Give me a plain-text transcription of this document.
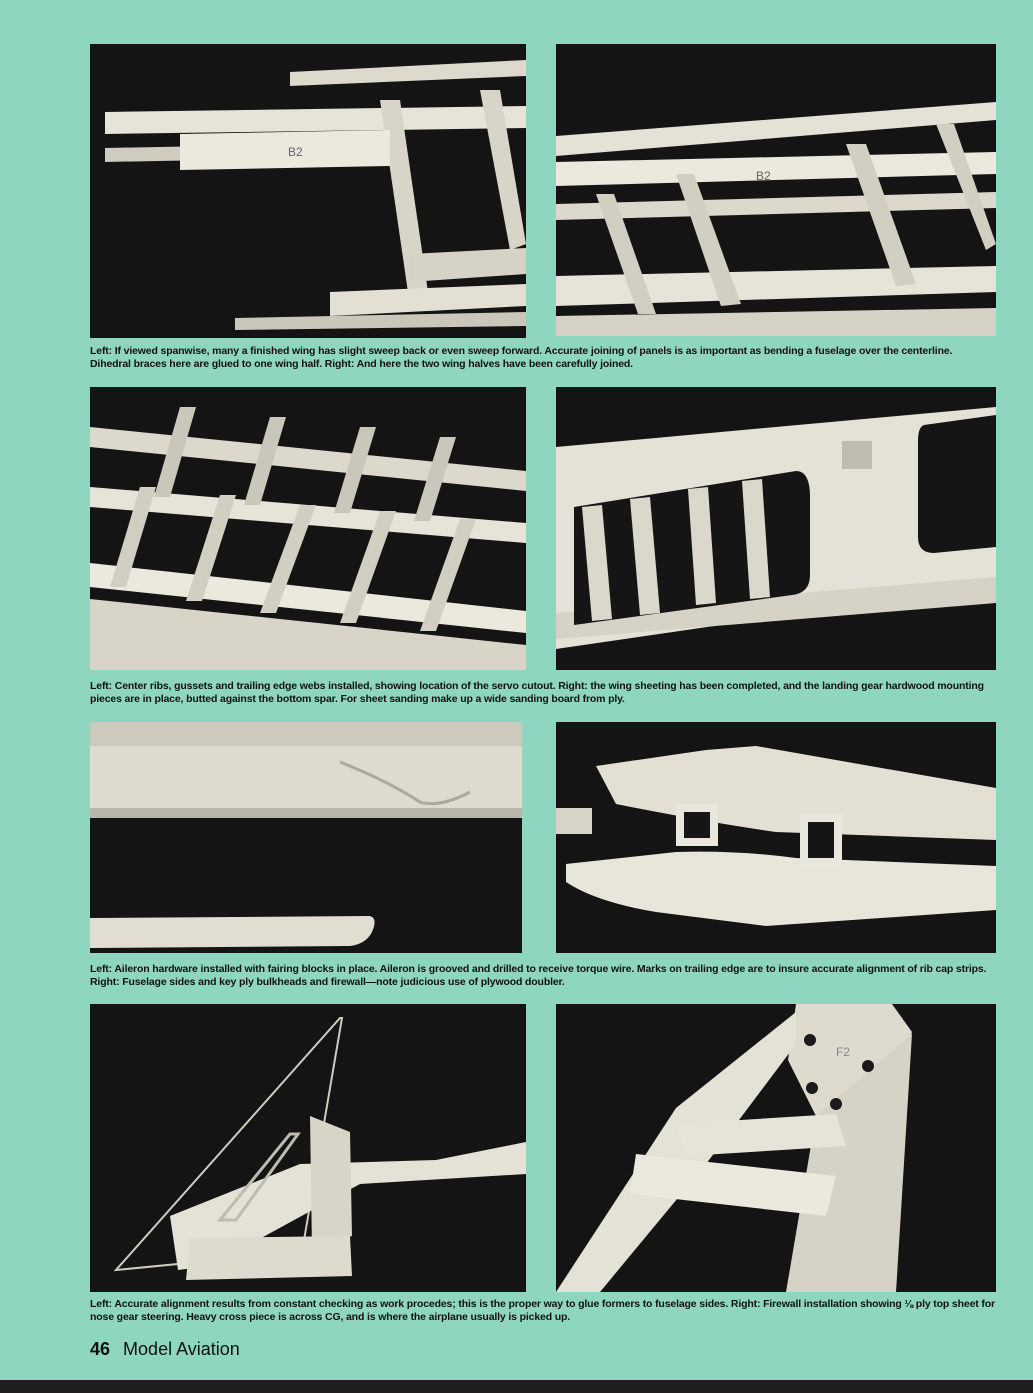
B2
B2
Left: If viewed spanwise, many a finished wing has slight sweep back or even sweep forward. Accurate joining of panels is as important as bending a fuselage over the centerline. Dihedral braces here are glued to one wing half. Right: And here the two wing halves have been carefully joined.
Left: Center ribs, gussets and trailing edge webs installed, showing location of the servo cutout. Right: the wing sheeting has been completed, and the landing gear hardwood mounting pieces are in place, butted against the bottom spar. For sheet sanding make up a wide sanding board from ply.
Left: Aileron hardware installed with fairing blocks in place. Aileron is grooved and drilled to receive torque wire. Marks on trailing edge are to insure accurate alignment of rib cap strips. Right: Fuselage sides and key ply bulkheads and firewall—note judicious use of plywood doubler.
F2
Left: Accurate alignment results from constant checking as work procedes; this is the proper way to glue formers to fuselage sides. Right: Firewall installation showing ⅛ ply top sheet for nose gear steering. Heavy cross piece is across CG, and is where the airplane usually is picked up.
46 Model Aviation
